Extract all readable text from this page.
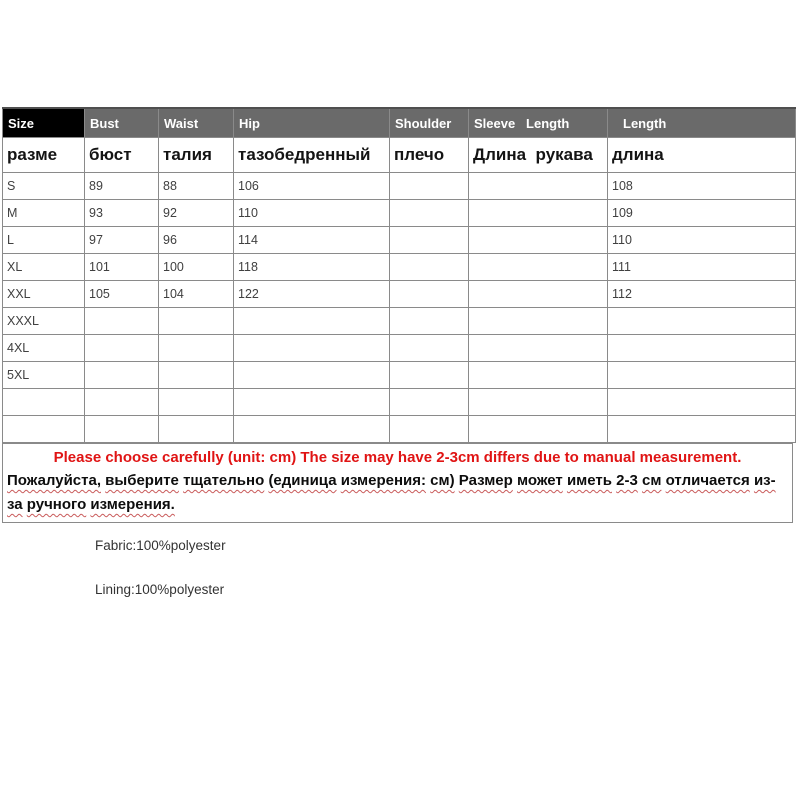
Size	Bust	Waist	Hip	Shoulder	Sleeve   Length	Length
разме	бюст	талия	тазобедренный	плечо	Длина  рукава	длина
S	89	88	106			108
M	93	92	110			109
L	97	96	114			110
XL	101	100	118			111
XXL	105	104	122			112
XXXL						
4XL						
5XL						

Please choose carefully (unit: cm) The size may have 2-3cm differs due to manual measurement.

Пожалуйста, выберите тщательно (единица измерения: см) Размер может иметь 2-3 см отличается из-за ручного измерения.

Fabric:100%polyester

Lining:100%polyester
